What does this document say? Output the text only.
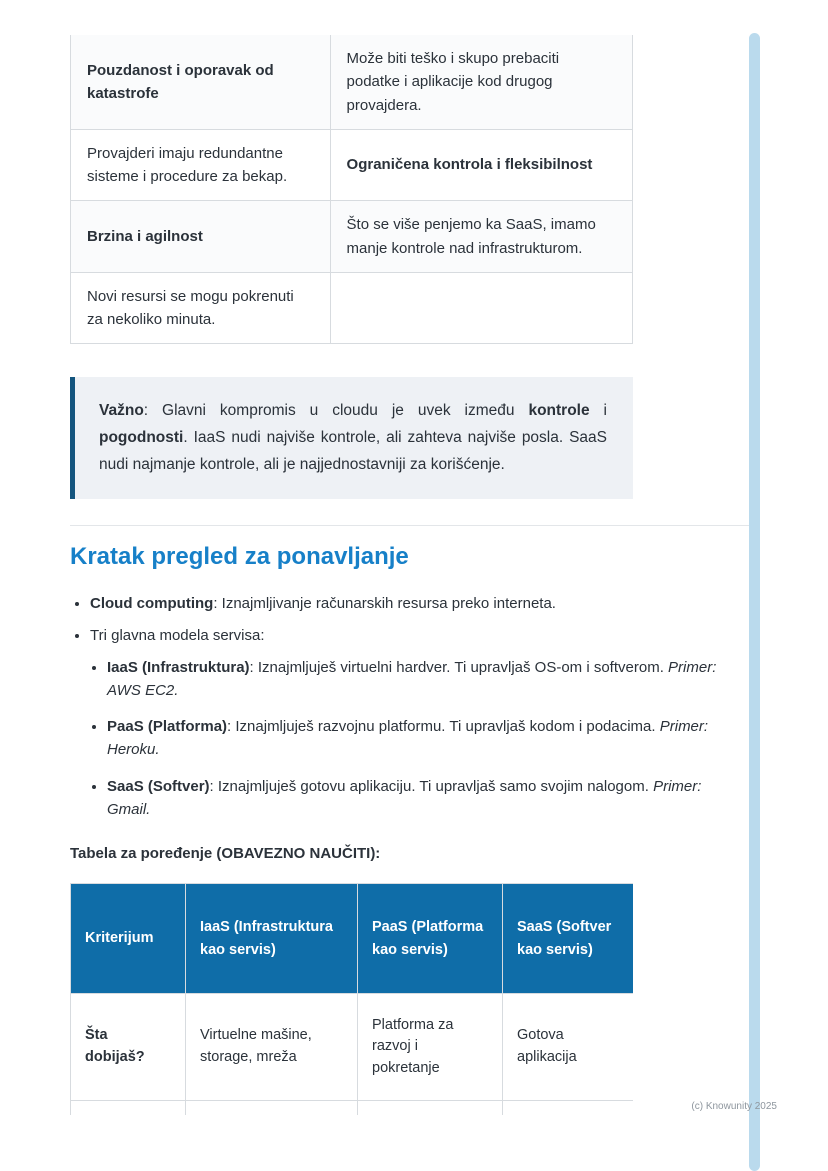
Pouzdanost i oporavak od katastrofe	Može biti teško i skupo prebaciti podatke i aplikacije kod drugog provajdera.
Provajderi imaju redundantne sisteme i procedure za bekap.	Ograničena kontrola i fleksibilnost
Brzina i agilnost	Što se više penjemo ka SaaS, imamo manje kontrole nad infrastrukturom.
Novi resursi se mogu pokrenuti za nekoliko minuta.	
Važno: Glavni kompromis u cloudu je uvek između kontrole i pogodnosti. IaaS nudi najviše kontrole, ali zahteva najviše posla. SaaS nudi najmanje kontrole, ali je najjednostavniji za korišćenje.
Kratak pregled za ponavljanje
• Cloud computing: Iznajmljivanje računarskih resursa preko interneta.
• Tri glavna modela servisa:
• IaaS (Infrastruktura): Iznajmljuješ virtuelni hardver. Ti upravljaš OS-om i softverom. Primer: AWS EC2.
• PaaS (Platforma): Iznajmljuješ razvojnu platformu. Ti upravljaš kodom i podacima. Primer: Heroku.
• SaaS (Softver): Iznajmljuješ gotovu aplikaciju. Ti upravljaš samo svojim nalogom. Primer: Gmail.

Tabela za poređenje (OBAVEZNO NAUČITI):

Kriterijum	IaaS (Infrastruktura kao servis)	PaaS (Platforma kao servis)	SaaS (Softver kao servis)
Šta dobijaš?	Virtuelne mašine, storage, mreža	Platforma za razvoj i pokretanje	Gotova aplikacija

(c) Knowunity 2025
